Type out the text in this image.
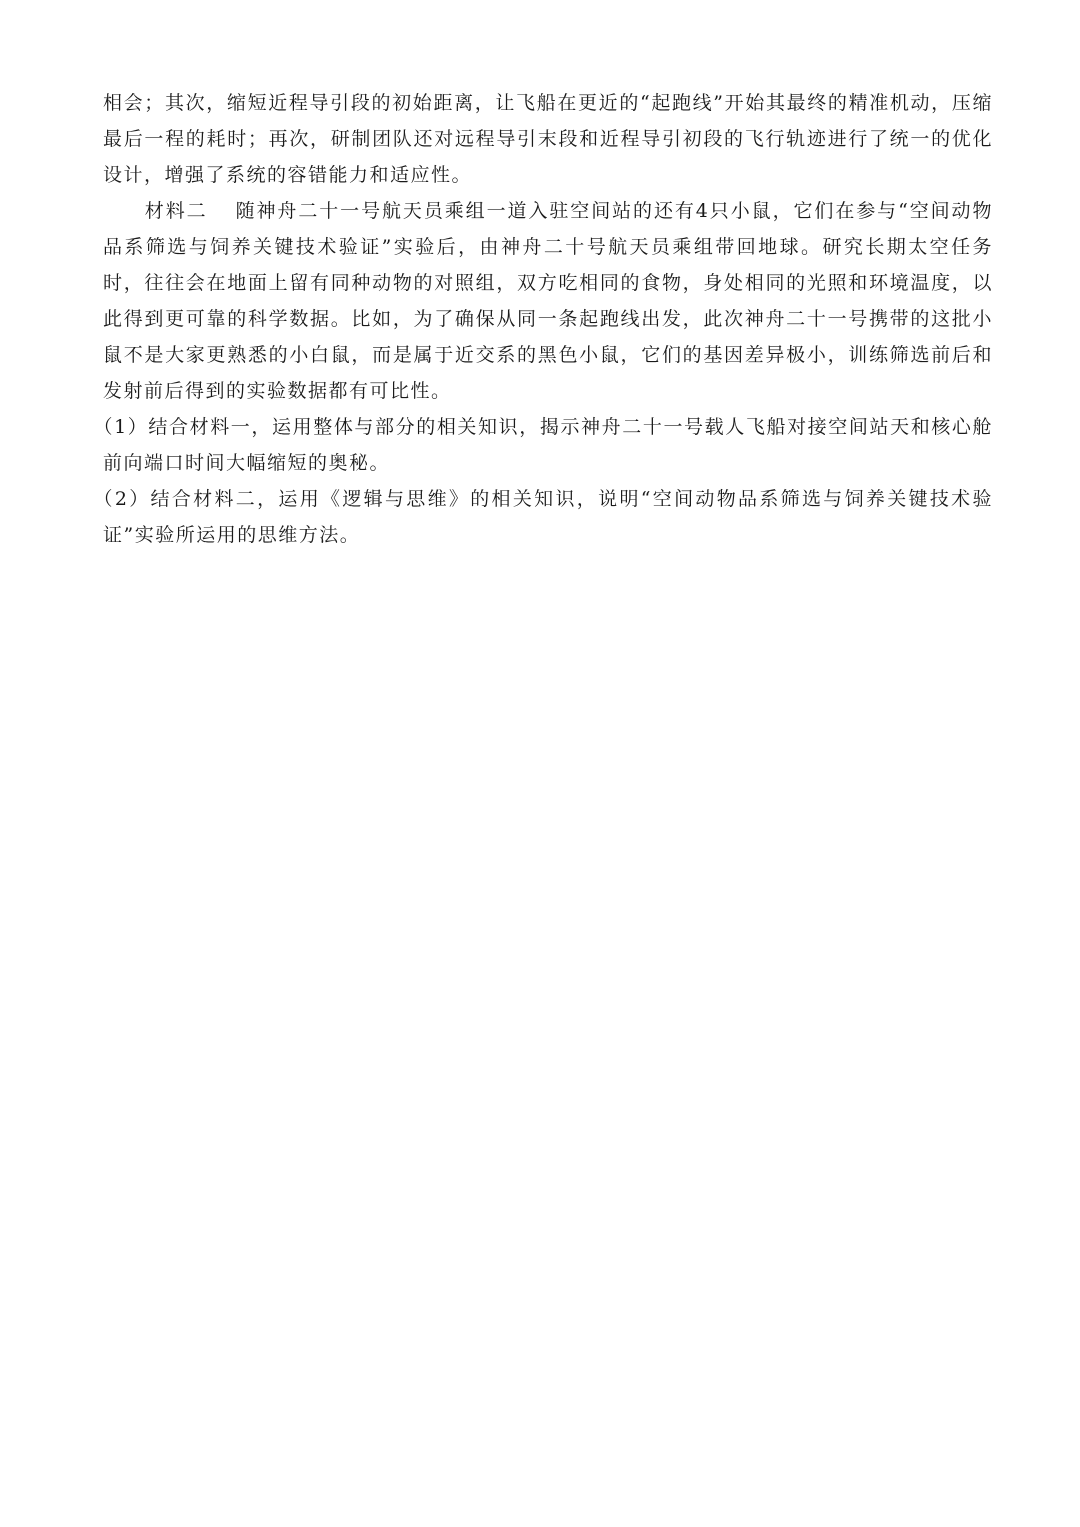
相会；其次，缩短近程导引段的初始距离，让飞船在更近的“起跑线”开始其最终的精准机动，压缩最后一程的耗时；再次，研制团队还对远程导引末段和近程导引初段的飞行轨迹进行了统一的优化设计，增强了系统的容错能力和适应性。

材料二 随神舟二十一号航天员乘组一道入驻空间站的还有4只小鼠，它们在参与“空间动物品系筛选与饲养关键技术验证”实验后，由神舟二十号航天员乘组带回地球。研究长期太空任务时，往往会在地面上留有同种动物的对照组，双方吃相同的食物，身处相同的光照和环境温度，以此得到更可靠的科学数据。比如，为了确保从同一条起跑线出发，此次神舟二十一号携带的这批小鼠不是大家更熟悉的小白鼠，而是属于近交系的黑色小鼠，它们的基因差异极小，训练筛选前后和发射前后得到的实验数据都有可比性。

（1）结合材料一，运用整体与部分的相关知识，揭示神舟二十一号载人飞船对接空间站天和核心舱前向端口时间大幅缩短的奥秘。

（2）结合材料二，运用《逻辑与思维》的相关知识，说明“空间动物品系筛选与饲养关键技术验证”实验所运用的思维方法。
